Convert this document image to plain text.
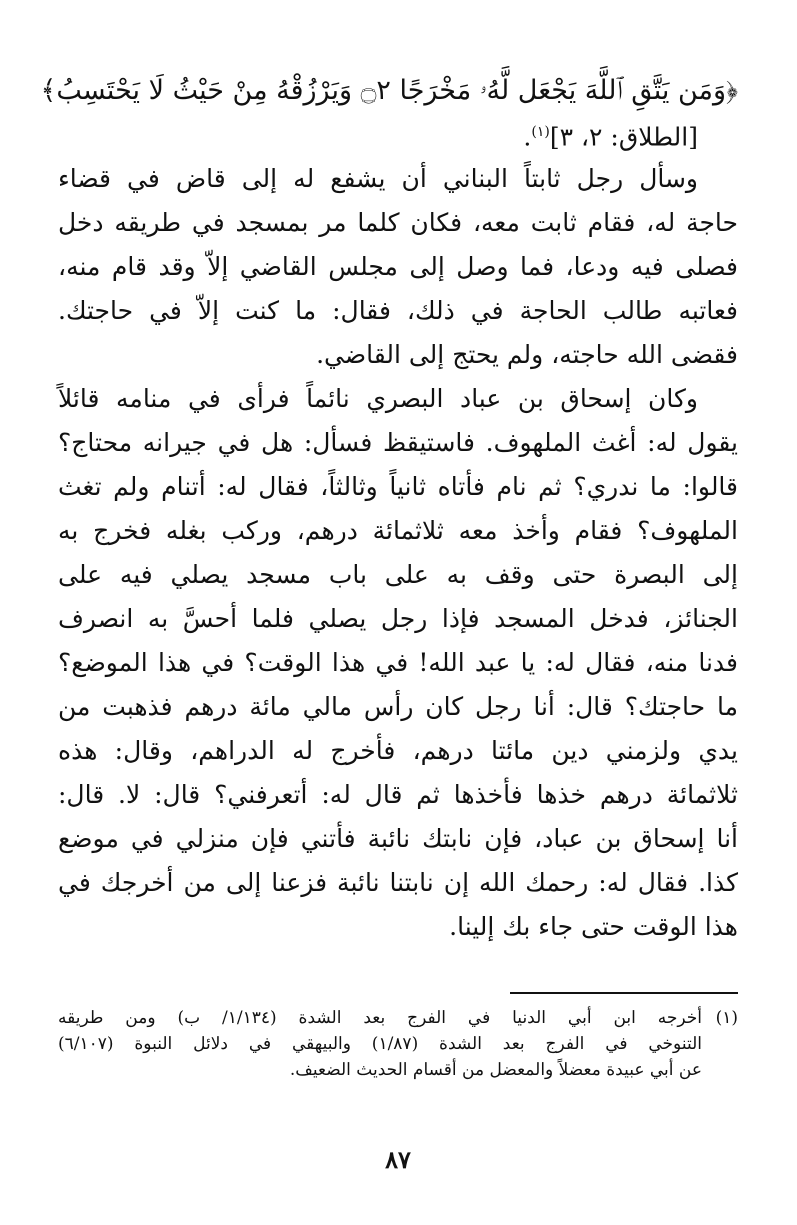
﴿وَمَن يَتَّقِ ٱللَّهَ يَجْعَل لَّهُۥ مَخْرَجًا ۝٢ وَيَرْزُقْهُ مِنْ حَيْثُ لَا يَحْتَسِبُ﴾

[الطلاق: ٢، ٣]$^{(١)}$.

وسأل رجل ثابتاً البناني أن يشفع له إلى قاض في قضاء
حاجة له، فقام ثابت معه، فكان كلما مر بمسجد في طريقه دخل
فصلى فيه ودعا، فما وصل إلى مجلس القاضي إلاّ وقد قام منه،
فعاتبه طالب الحاجة في ذلك، فقال: ما كنت إلاّ في حاجتك.
فقضى الله حاجته، ولم يحتج إلى القاضي.
وكان إسحاق بن عباد البصري نائماً فرأى في منامه قائلاً
يقول له: أغث الملهوف. فاستيقظ فسأل: هل في جيرانه محتاج؟
قالوا: ما ندري؟ ثم نام فأتاه ثانياً وثالثاً، فقال له: أتنام ولم تغث
الملهوف؟ فقام وأخذ معه ثلاثمائة درهم، وركب بغله فخرج به
إلى البصرة حتى وقف به على باب مسجد يصلي فيه على
الجنائز، فدخل المسجد فإذا رجل يصلي فلما أحسَّ به انصرف
فدنا منه، فقال له: يا عبد الله! في هذا الوقت؟ في هذا الموضع؟
ما حاجتك؟ قال: أنا رجل كان رأس مالي مائة درهم فذهبت من
يدي ولزمني دين مائتا درهم، فأخرج له الدراهم، وقال: هذه
ثلاثمائة درهم خذها فأخذها ثم قال له: أتعرفني؟ قال: لا. قال:
أنا إسحاق بن عباد، فإن نابتك نائبة فأتني فإن منزلي في موضع
كذا. فقال له: رحمك الله إن نابتنا نائبة فزعنا إلى من أخرجك في
هذا الوقت حتى جاء بك إلينا.
(١)أخرجه ابن أبي الدنيا في الفرج بعد الشدة (١/١٣٤/ ب) ومن طريقه
التنوخي في الفرج بعد الشدة (١/٨٧) والبيهقي في دلائل النبوة (٦/١٠٧)
عن أبي عبيدة معضلاً والمعضل من أقسام الحديث الضعيف.
٨٧
